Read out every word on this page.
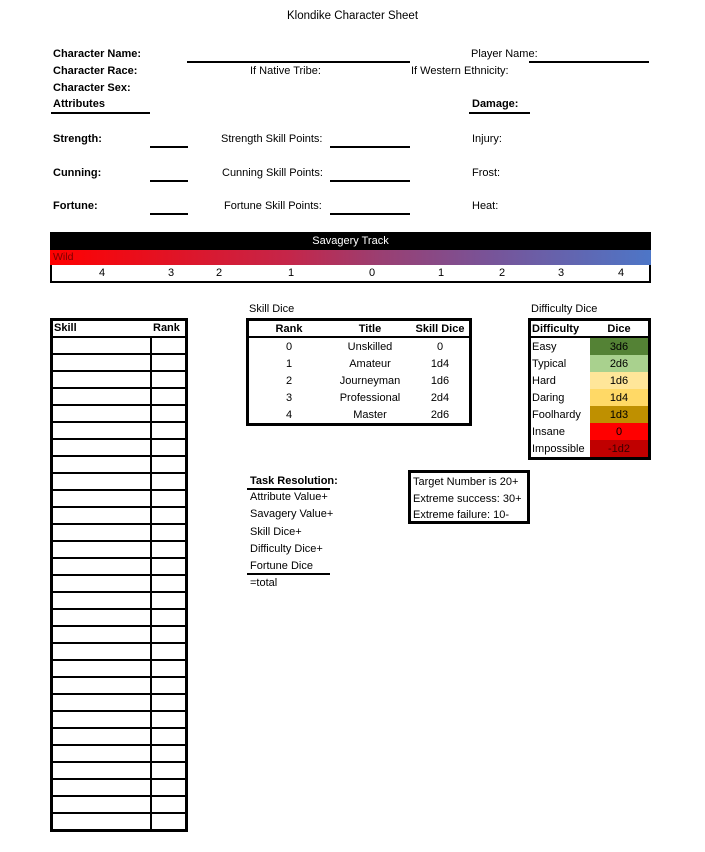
Klondike Character Sheet
Character Name:
Character Race:
Character Sex:
Attributes
If Native Tribe:
Player Name:
If Western Ethnicity:
Damage:
Strength:	Strength Skill Points:	Injury:
Cunning:	Cunning Skill Points:	Frost:
Fortune:	Fortune Skill Points:	Heat:
Savagery Track
Wild
4	3	2	1	0	1	2	3	4
Skill	Rank
Skill Dice
Rank	Title	Skill Dice
0	Unskilled	0
1	Amateur	1d4
2	Journeyman	1d6
3	Professional	2d4
4	Master	2d6
Difficulty Dice
Difficulty	Dice
Easy	3d6
Typical	2d6
Hard	1d6
Daring	1d4
Foolhardy	1d3
Insane	0
Impossible	-1d2
Task Resolution:
Attribute Value+
Savagery Value+
Skill Dice+
Difficulty Dice+
Fortune Dice
=total
Target Number is 20+
Extreme success: 30+
Extreme failure: 10-
